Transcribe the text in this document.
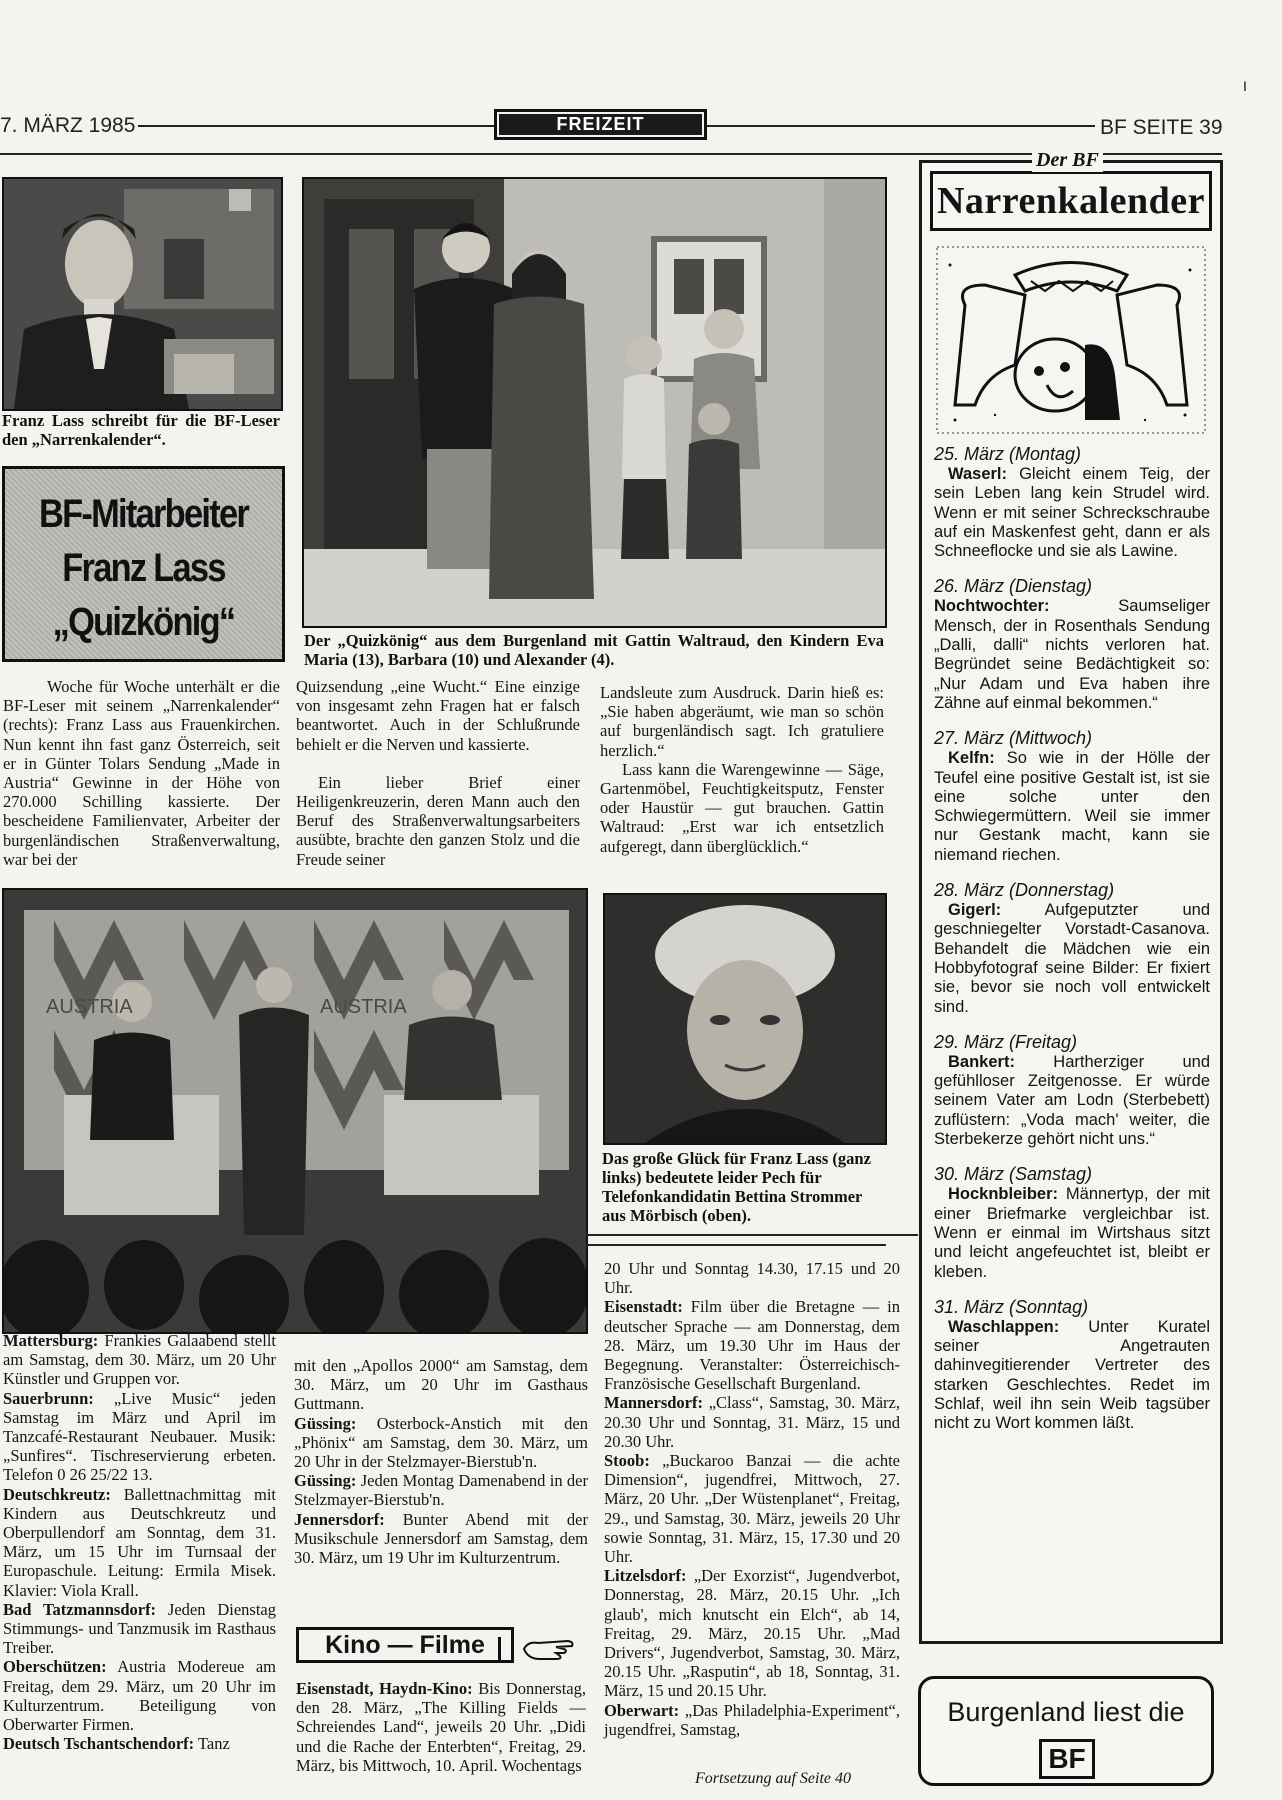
7. MÄRZ 1985	FREIZEIT	BF SEITE 39
I
Franz Lass schreibt für die BF-Leser den „Narrenkalender“.
BF-Mitarbeiter
Franz Lass
„Quizkönig“	Der „Quizkönig“ aus dem Burgenland mit Gattin Waltraud, den Kindern Eva Maria (13), Barbara (10) und Alexander (4).

Woche für Woche unterhält er die BF-Leser mit seinem „Narrenkalender“ (rechts): Franz Lass aus Frauenkirchen. Nun kennt ihn fast ganz Österreich, seit er in Günter Tolars Sendung „Made in Austria“ Gewinne in der Höhe von 270.000 Schilling kassierte. Der bescheidene Familienvater, Arbeiter der burgenländischen Straßenverwaltung, war bei der

Quizsendung „eine Wucht.“ Eine einzige von insgesamt zehn Fragen hat er falsch beantwortet. Auch in der Schlußrunde behielt er die Nerven und kassierte.

Ein lieber Brief einer Heiligenkreuzerin, deren Mann auch den Beruf des Straßenverwaltungsarbeiters ausübte, brachte den ganzen Stolz und die Freude seiner

Landsleute zum Ausdruck. Darin hieß es: „Sie haben abgeräumt, wie man so schön auf burgenländisch sagt. Ich gratuliere herzlich.“

Lass kann die Warengewinne — Säge, Gartenmöbel, Feuchtigkeitsputz, Fenster oder Haustür — gut brauchen. Gattin Waltraud: „Erst war ich entsetzlich aufgeregt, dann überglücklich.“

AUSTRIA	AUSTRIA
Das große Glück für Franz Lass (ganz links) bedeutete leider Pech für Telefonkandidatin Bettina Strommer aus Mörbisch (oben).

Mattersburg: Frankies Galaabend stellt am Samstag, dem 30. März, um 20 Uhr Künstler und Gruppen vor.

Sauerbrunn: „Live Music“ jeden Samstag im März und April im Tanzcafé-Restaurant Neubauer. Musik: „Sunfires“. Tischreservierung erbeten. Telefon 0 26 25/22 13.

Deutschkreutz: Ballettnachmittag mit Kindern aus Deutschkreutz und Oberpullendorf am Sonntag, dem 31. März, um 15 Uhr im Turnsaal der Europaschule. Leitung: Ermila Misek. Klavier: Viola Krall.

Bad Tatzmannsdorf: Jeden Dienstag Stimmungs- und Tanzmusik im Rasthaus Treiber.

Oberschützen: Austria Modereue am Freitag, dem 29. März, um 20 Uhr im Kulturzentrum. Beteiligung von Oberwarter Firmen.

Deutsch Tschantschendorf: Tanz

mit den „Apollos 2000“ am Samstag, dem 30. März, um 20 Uhr im Gasthaus Guttmann.

Güssing: Osterbock-Anstich mit den „Phönix“ am Samstag, dem 30. März, um 20 Uhr in der Stelzmayer-Bierstub'n.

Güssing: Jeden Montag Damenabend in der Stelzmayer-Bierstub'n.

Jennersdorf: Bunter Abend mit der Musikschule Jennersdorf am Samstag, dem 30. März, um 19 Uhr im Kulturzentrum.

Kino — Filme

Eisenstadt, Haydn-Kino: Bis Donnerstag, den 28. März, „The Killing Fields — Schreiendes Land“, jeweils 20 Uhr. „Didi und die Rache der Enterbten“, Freitag, 29. März, bis Mittwoch, 10. April. Wochentags

20 Uhr und Sonntag 14.30, 17.15 und 20 Uhr.

Eisenstadt: Film über die Bretagne — in deutscher Sprache — am Donnerstag, dem 28. März, um 19.30 Uhr im Haus der Begegnung. Veranstalter: Österreichisch-Französische Gesellschaft Burgenland.

Mannersdorf: „Class“, Samstag, 30. März, 20.30 Uhr und Sonntag, 31. März, 15 und 20.30 Uhr.

Stoob: „Buckaroo Banzai — die achte Dimension“, jugendfrei, Mittwoch, 27. März, 20 Uhr. „Der Wüstenplanet“, Freitag, 29., und Samstag, 30. März, jeweils 20 Uhr sowie Sonntag, 31. März, 15, 17.30 und 20 Uhr.

Litzelsdorf: „Der Exorzist“, Jugendverbot, Donnerstag, 28. März, 20.15 Uhr. „Ich glaub', mich knutscht ein Elch“, ab 14, Freitag, 29. März, 20.15 Uhr. „Mad Drivers“, Jugendverbot, Samstag, 30. März, 20.15 Uhr. „Rasputin“, ab 18, Sonntag, 31. März, 15 und 20.15 Uhr.

Oberwart: „Das Philadelphia-Experiment“, jugendfrei, Samstag,

Fortsetzung auf Seite 40
Der BF
Narrenkalender
25. März (Montag)
Waserl: Gleicht einem Teig, der sein Leben lang kein Strudel wird. Wenn er mit seiner Schreckschraube auf ein Maskenfest geht, dann er als Schneeflocke und sie als Lawine.
26. März (Dienstag)
Nochtwochter: Saumseliger Mensch, der in Rosenthals Sendung „Dalli, dalli“ nichts verloren hat. Begründet seine Bedächtigkeit so: „Nur Adam und Eva haben ihre Zähne auf einmal bekommen.“
27. März (Mittwoch)
Kelfn: So wie in der Hölle der Teufel eine positive Gestalt ist, ist sie eine solche unter den Schwiegermüttern. Weil sie immer nur Gestank macht, kann sie niemand riechen.
28. März (Donnerstag)
Gigerl: Aufgeputzter und geschniegelter Vorstadt-Casanova. Behandelt die Mädchen wie ein Hobbyfotograf seine Bilder: Er fixiert sie, bevor sie noch voll entwickelt sind.
29. März (Freitag)
Bankert: Hartherziger und gefühlloser Zeitgenosse. Er würde seinem Vater am Lodn (Sterbebett) zuflüstern: „Voda mach' weiter, die Sterbekerze gehört nicht uns.“
30. März (Samstag)
Hocknbleiber: Männertyp, der mit einer Briefmarke vergleichbar ist. Wenn er einmal im Wirtshaus sitzt und leicht angefeuchtet ist, bleibt er kleben.
31. März (Sonntag)
Waschlappen: Unter Kuratel seiner Angetrauten dahinvegitierender Vertreter des starken Geschlechtes. Redet im Schlaf, weil ihn sein Weib tagsüber nicht zu Wort kommen läßt.
Burgenland liest die
BF
